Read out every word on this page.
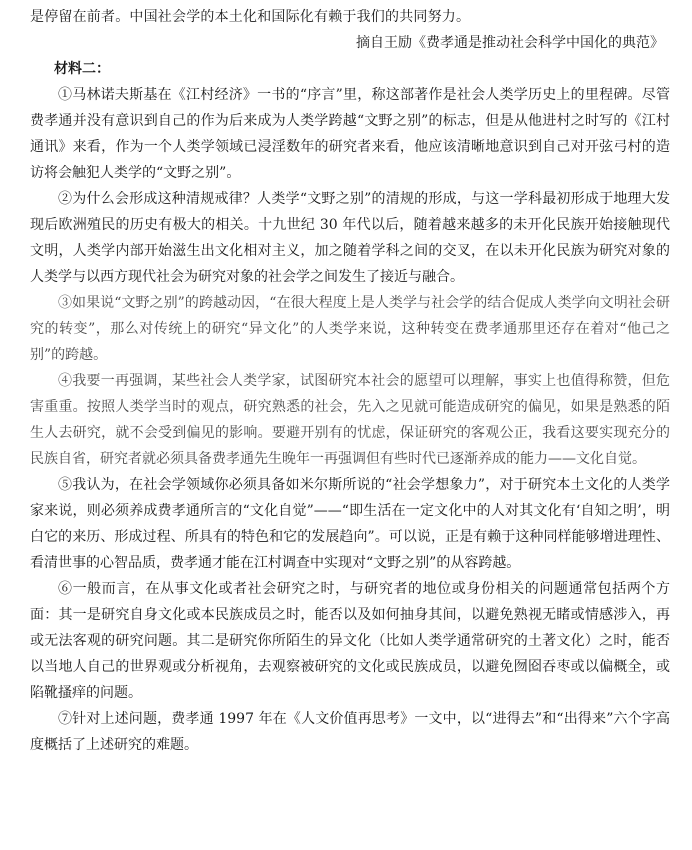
是停留在前者。中国社会学的本土化和国际化有赖于我们的共同努力。
摘自王励《费孝通是推动社会科学中国化的典范》
材料二：

①马林诺夫斯基在《江村经济》一书的“序言”里，称这部著作是社会人类学历史上的里程碑。尽管费孝通并没有意识到自己的作为后来成为人类学跨越“文野之别”的标志，但是从他进村之时写的《江村通讯》来看，作为一个人类学领域已浸淫数年的研究者来看，他应该清晰地意识到自己对开弦弓村的造访将会触犯人类学的“文野之别”。

②为什么会形成这种清规戒律？人类学“文野之别”的清规的形成，与这一学科最初形成于地理大发现后欧洲殖民的历史有极大的相关。十九世纪 30 年代以后，随着越来越多的未开化民族开始接触现代文明，人类学内部开始滋生出文化相对主义，加之随着学科之间的交叉，在以未开化民族为研究对象的人类学与以西方现代社会为研究对象的社会学之间发生了接近与融合。

③如果说“文野之别”的跨越动因，“在很大程度上是人类学与社会学的结合促成人类学向文明社会研究的转变”，那么对传统上的研究“异文化”的人类学来说，这种转变在费孝通那里还存在着对“他己之别”的跨越。

④我要一再强调，某些社会人类学家，试图研究本社会的愿望可以理解，事实上也值得称赞，但危害重重。按照人类学当时的观点，研究熟悉的社会，先入之见就可能造成研究的偏见，如果是熟悉的陌生人去研究，就不会受到偏见的影响。要避开别有的忧虑，保证研究的客观公正，我看这要实现充分的民族自省，研究者就必须具备费孝通先生晚年一再强调但有些时代已逐渐养成的能力——文化自觉。

⑤我认为，在社会学领域你必须具备如米尔斯所说的“社会学想象力”，对于研究本土文化的人类学家来说，则必须养成费孝通所言的“文化自觉”——“即生活在一定文化中的人对其文化有‘自知之明’，明白它的来历、形成过程、所具有的特色和它的发展趋向”。可以说，正是有赖于这种同样能够增进理性、看清世事的心智品质，费孝通才能在江村调查中实现对“文野之别”的从容跨越。

⑥一般而言，在从事文化或者社会研究之时，与研究者的地位或身份相关的问题通常包括两个方面：其一是研究自身文化或本民族成员之时，能否以及如何抽身其间，以避免熟视无睹或情感涉入，再或无法客观的研究问题。其二是研究你所陌生的异文化（比如人类学通常研究的土著文化）之时，能否以当地人自己的世界观或分析视角，去观察被研究的文化或民族成员，以避免囫囵吞枣或以偏概全，或陷靴搔痒的问题。

⑦针对上述问题，费孝通 1997 年在《人文价值再思考》一文中，以“进得去”和“出得来”六个字高度概括了上述研究的难题。
